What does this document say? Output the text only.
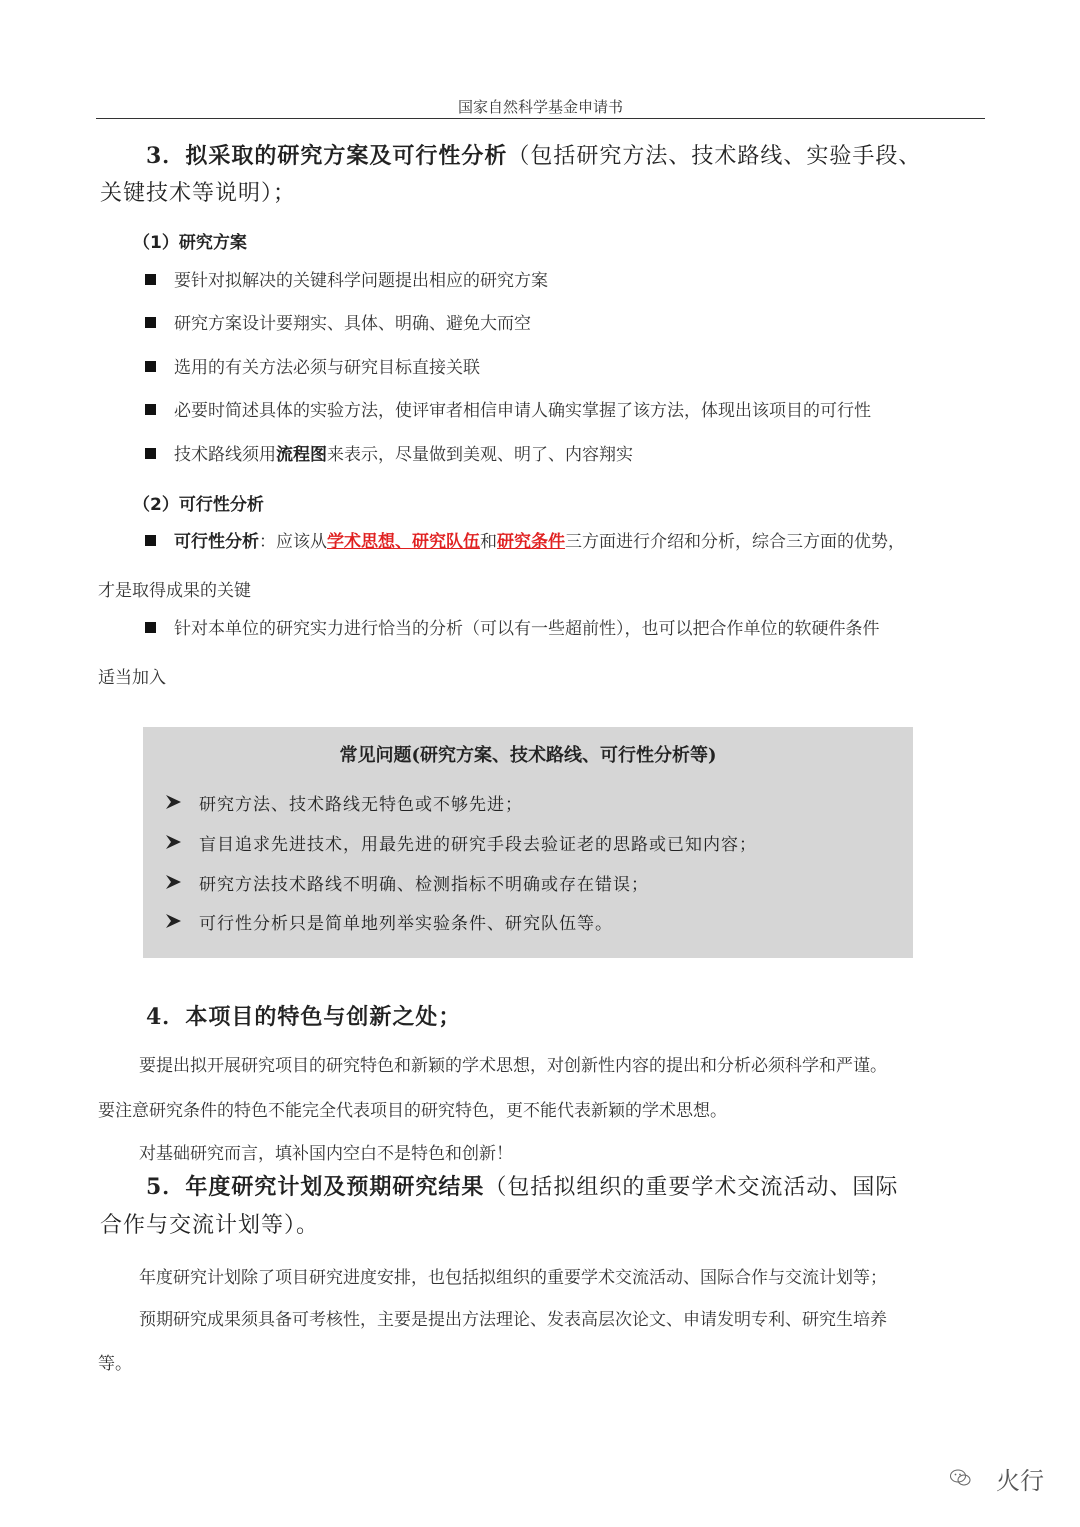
国家自然科学基金申请书
3．拟采取的研究方案及可行性分析（包括研究方法、技术路线、实验手段、
关键技术等说明）；
（1）研究方案
要针对拟解决的关键科学问题提出相应的研究方案
研究方案设计要翔实、具体、明确、避免大而空
选用的有关方法必须与研究目标直接关联
必要时简述具体的实验方法，使评审者相信申请人确实掌握了该方法，体现出该项目的可行性
技术路线须用流程图来表示，尽量做到美观、明了、内容翔实
（2）可行性分析
可行性分析：应该从学术思想、研究队伍和研究条件三方面进行介绍和分析，综合三方面的优势，
才是取得成果的关键
针对本单位的研究实力进行恰当的分析（可以有一些超前性），也可以把合作单位的软硬件条件
适当加入
常见问题(研究方案、技术路线、可行性分析等)
研究方法、技术路线无特色或不够先进；
盲目追求先进技术，用最先进的研究手段去验证老的思路或已知内容；
研究方法技术路线不明确、检测指标不明确或存在错误；
可行性分析只是简单地列举实验条件、研究队伍等。
4．本项目的特色与创新之处；
要提出拟开展研究项目的研究特色和新颖的学术思想，对创新性内容的提出和分析必须科学和严谨。
要注意研究条件的特色不能完全代表项目的研究特色，更不能代表新颖的学术思想。
对基础研究而言，填补国内空白不是特色和创新！
5．年度研究计划及预期研究结果（包括拟组织的重要学术交流活动、国际
合作与交流计划等）。
年度研究计划除了项目研究进度安排，也包括拟组织的重要学术交流活动、国际合作与交流计划等；
预期研究成果须具备可考核性，主要是提出方法理论、发表高层次论文、申请发明专利、研究生培养
等。
火行
